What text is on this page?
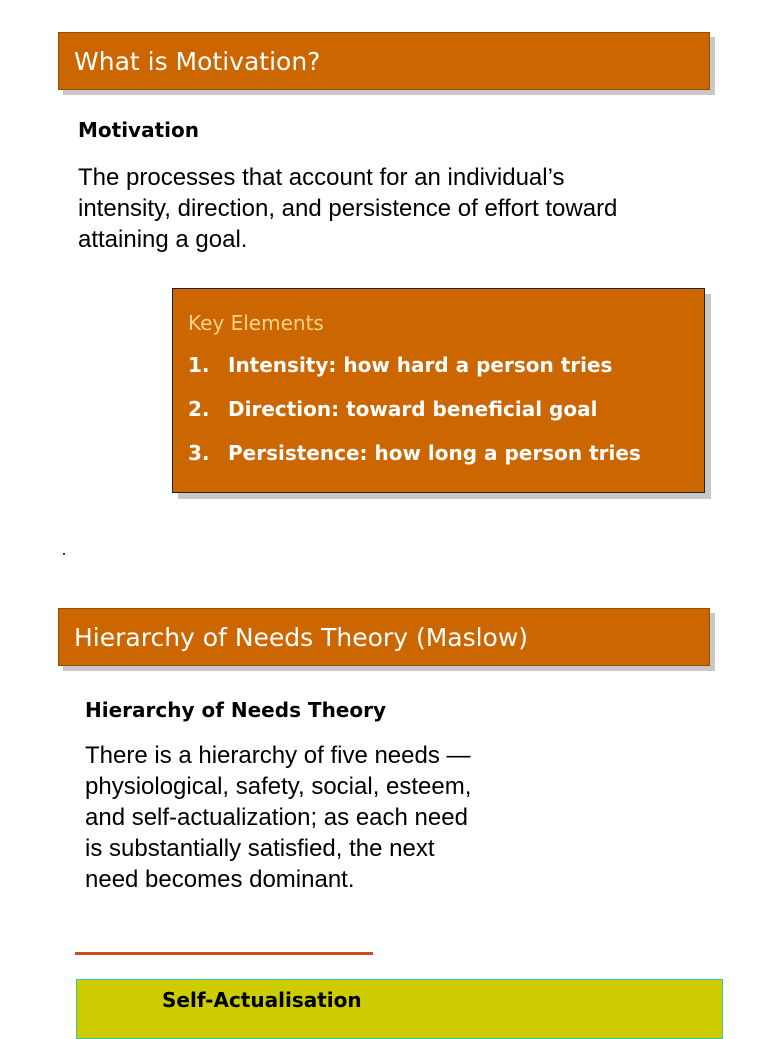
What is Motivation?
Motivation
The processes that account for an individual’s intensity, direction, and persistence of effort toward attaining a goal.
Key Elements
1. Intensity: how hard a person tries
2. Direction: toward beneficial goal
3. Persistence: how long a person tries
Hierarchy of Needs Theory (Maslow)
Hierarchy of Needs Theory
There is a hierarchy of five needs —physiological, safety, social, esteem, and self-actualization; as each need is substantially satisfied, the next need becomes dominant.
Self-Actualisation
